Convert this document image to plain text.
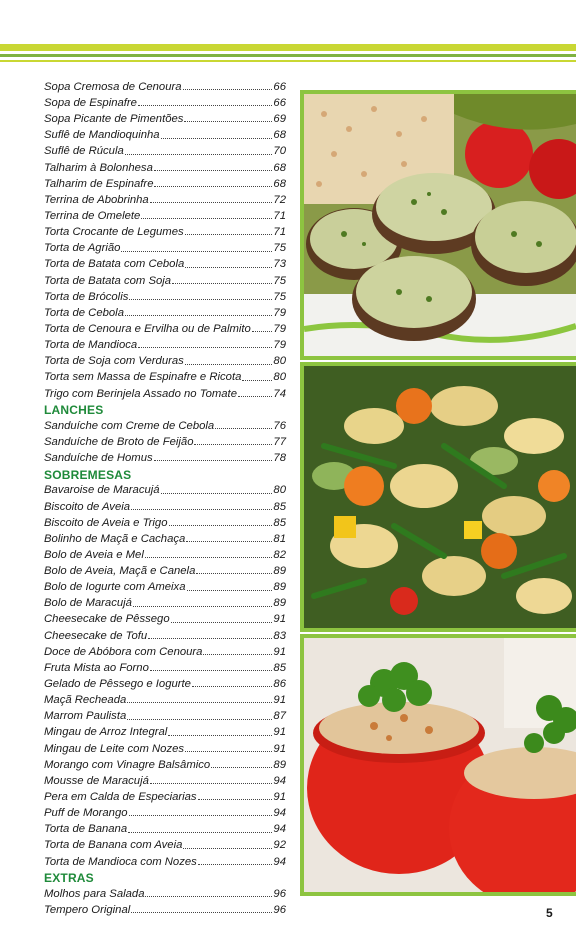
Sopa Cremosa de Cenoura	66
Sopa de Espinafre	66
Sopa Picante de Pimentões	69
Suflê de Mandioquinha	68
Suflê de Rúcula	70
Talharim à Bolonhesa	68
Talharim de Espinafre	68
Terrina de Abobrinha	72
Terrina de Omelete	71
Torta Crocante de Legumes	71
Torta de Agrião	75
Torta de Batata com Cebola	73
Torta de Batata com Soja	75
Torta de Brócolis	75
Torta de Cebola	79
Torta de Cenoura e Ervilha ou de Palmito 79
Torta de Mandioca	79
Torta de Soja com Verduras	80
Torta sem Massa de Espinafre e Ricota	80
Trigo com Berinjela Assado no Tomate	74
LANCHES
Sanduíche com Creme de Cebola	76
Sanduíche de Broto de Feijão	77
Sanduíche de Homus	78
SOBREMESAS
Bavaroise de Maracujá	80
Biscoito de Aveia	85
Biscoito de Aveia e Trigo	85
Bolinho de Maçã e Cachaça	81
Bolo de Aveia e Mel	82
Bolo de Aveia, Maçã e Canela	89
Bolo de Iogurte com Ameixa	89
Bolo de Maracujá	89
Cheesecake de Pêssego	91
Cheesecake de Tofu	83
Doce de Abóbora com Cenoura	91
Fruta Mista ao Forno	85
Gelado de Pêssego e Iogurte	86
Maçã Recheada	91
Marrom Paulista	87
Mingau de Arroz Integral	91
Mingau de Leite com Nozes	91
Morango com Vinagre Balsâmico	89
Mousse de Maracujá	94
Pera em Calda de Especiarias	91
Puff de Morango	94
Torta de Banana	94
Torta de Banana com Aveia	92
Torta de Mandioca com Nozes	94
EXTRAS
Molhos para Salada	96
Tempero Original	96	5
